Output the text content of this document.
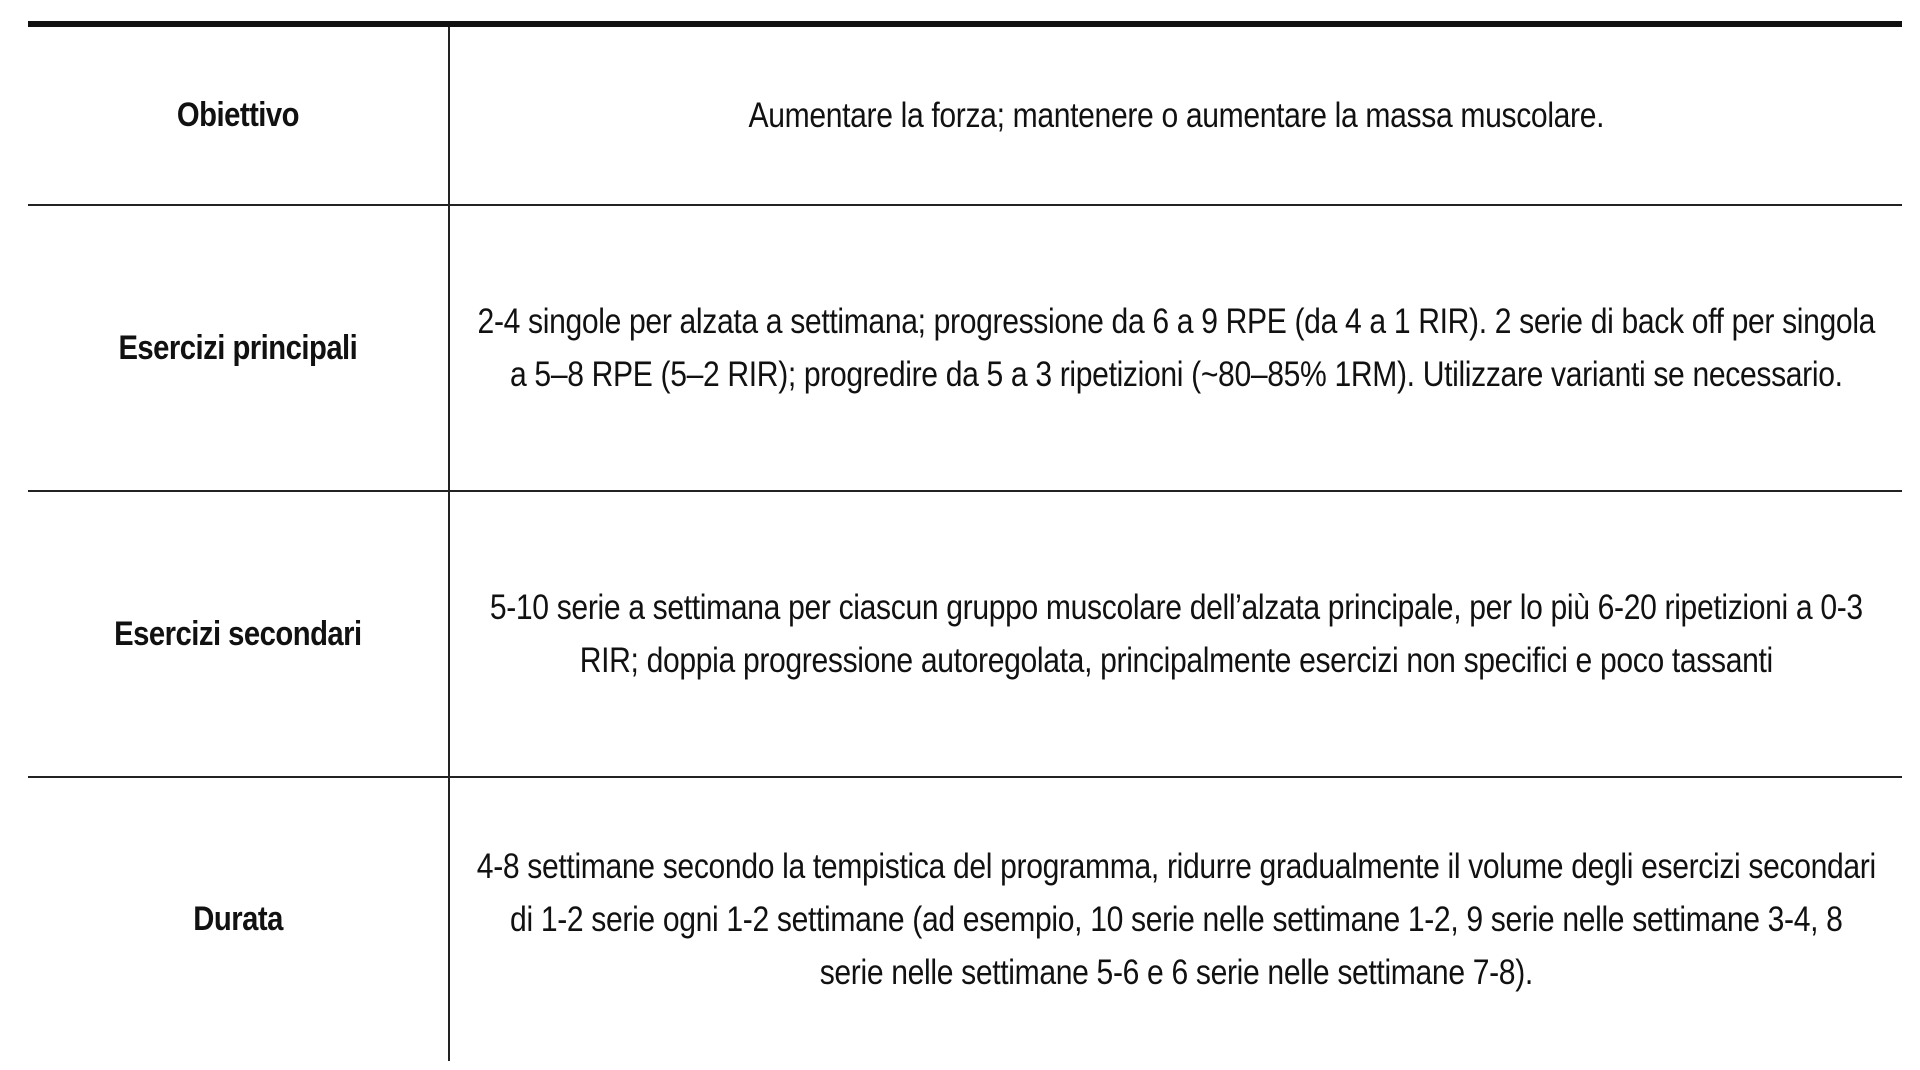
Obiettivo	Aumentare la forza; mantenere o aumentare la massa muscolare.
Esercizi principali	2-4 singole per alzata a settimana; progressione da 6 a 9 RPE (da 4 a 1 RIR). 2 serie di back off per singola a 5–8 RPE (5–2 RIR); progredire da 5 a 3 ripetizioni (~80–85% 1RM). Utilizzare varianti se necessario.
Esercizi secondari	5-10 serie a settimana per ciascun gruppo muscolare dell’alzata principale, per lo più 6-20 ripetizioni a 0-3 RIR; doppia progressione autoregolata, principalmente esercizi non specifici e poco tassanti
Durata	4-8 settimane secondo la tempistica del programma, ridurre gradualmente il volume degli esercizi secondari di 1-2 serie ogni 1-2 settimane (ad esempio, 10 serie nelle settimane 1-2, 9 serie nelle settimane 3-4, 8 serie nelle settimane 5-6 e 6 serie nelle settimane 7-8).
